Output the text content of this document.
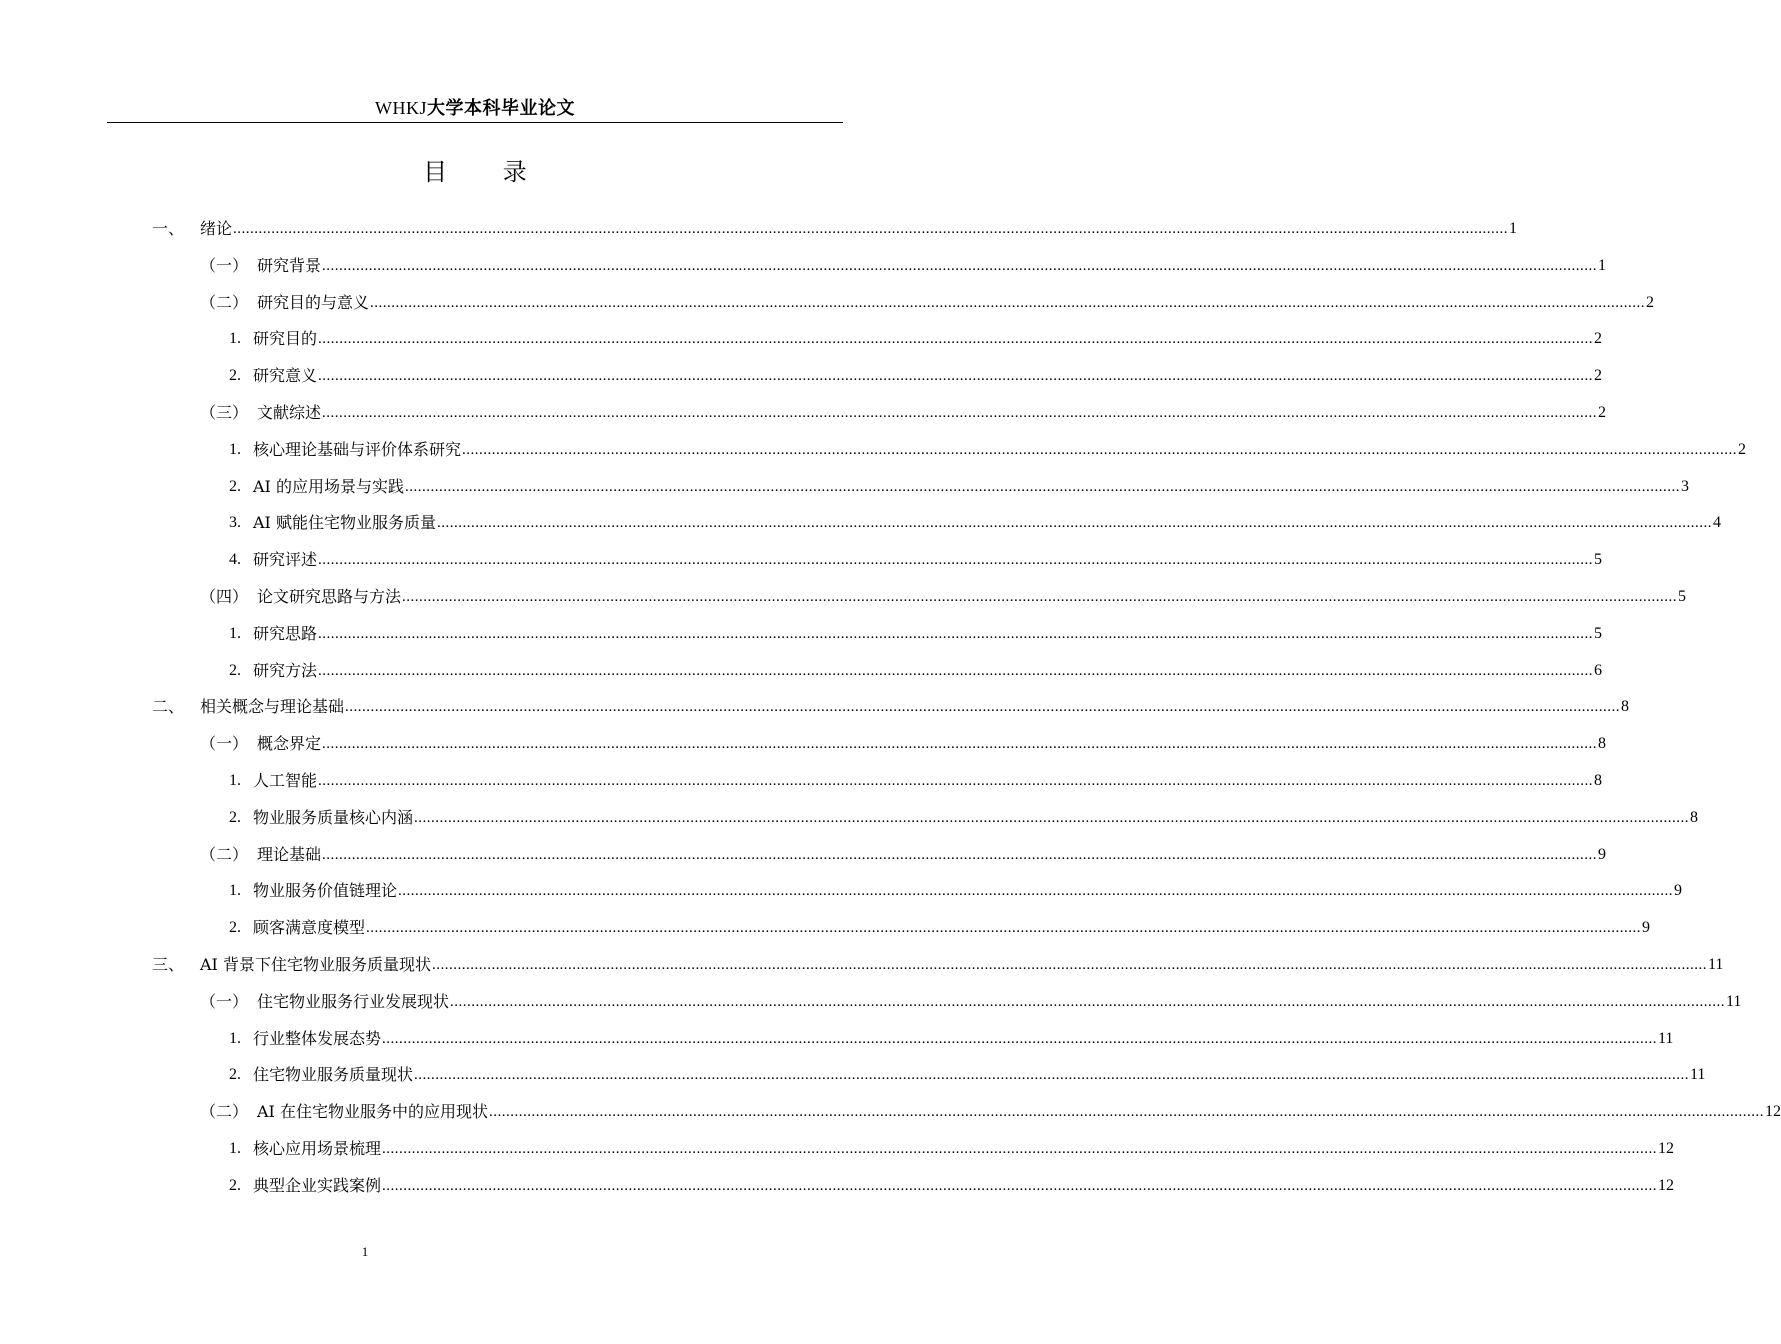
WHKJ大学本科毕业论文
目 录
一、 绪论 ............................................................................................................................................................................................................................................................................................................ 1
（一） 研究背景 ............................................................................................................................................................................................................................................................................................................ 1
（二） 研究目的与意义 ............................................................................................................................................................................................................................................................................................................ 2
1. 研究目的 ............................................................................................................................................................................................................................................................................................................ 2
2. 研究意义 ............................................................................................................................................................................................................................................................................................................ 2
（三） 文献综述 ............................................................................................................................................................................................................................................................................................................ 2
1. 核心理论基础与评价体系研究 ............................................................................................................................................................................................................................................................................................................ 2
2. AI 的应用场景与实践 ............................................................................................................................................................................................................................................................................................................ 3
3. AI 赋能住宅物业服务质量 ............................................................................................................................................................................................................................................................................................................ 4
4. 研究评述 ............................................................................................................................................................................................................................................................................................................ 5
（四） 论文研究思路与方法 ............................................................................................................................................................................................................................................................................................................ 5
1. 研究思路 ............................................................................................................................................................................................................................................................................................................ 5
2. 研究方法 ............................................................................................................................................................................................................................................................................................................ 6
二、 相关概念与理论基础 ............................................................................................................................................................................................................................................................................................................ 8
（一） 概念界定 ............................................................................................................................................................................................................................................................................................................ 8
1. 人工智能 ............................................................................................................................................................................................................................................................................................................ 8
2. 物业服务质量核心内涵 ............................................................................................................................................................................................................................................................................................................ 8
（二） 理论基础 ............................................................................................................................................................................................................................................................................................................ 9
1. 物业服务价值链理论 ............................................................................................................................................................................................................................................................................................................ 9
2. 顾客满意度模型 ............................................................................................................................................................................................................................................................................................................ 9
三、 AI 背景下住宅物业服务质量现状 ............................................................................................................................................................................................................................................................................................................ 11
（一） 住宅物业服务行业发展现状 ............................................................................................................................................................................................................................................................................................................ 11
1. 行业整体发展态势 ............................................................................................................................................................................................................................................................................................................ 11
2. 住宅物业服务质量现状 ............................................................................................................................................................................................................................................................................................................ 11
（二） AI 在住宅物业服务中的应用现状 ............................................................................................................................................................................................................................................................................................................ 12
1. 核心应用场景梳理 ............................................................................................................................................................................................................................................................................................................ 12
2. 典型企业实践案例 ............................................................................................................................................................................................................................................................................................................ 12
1
